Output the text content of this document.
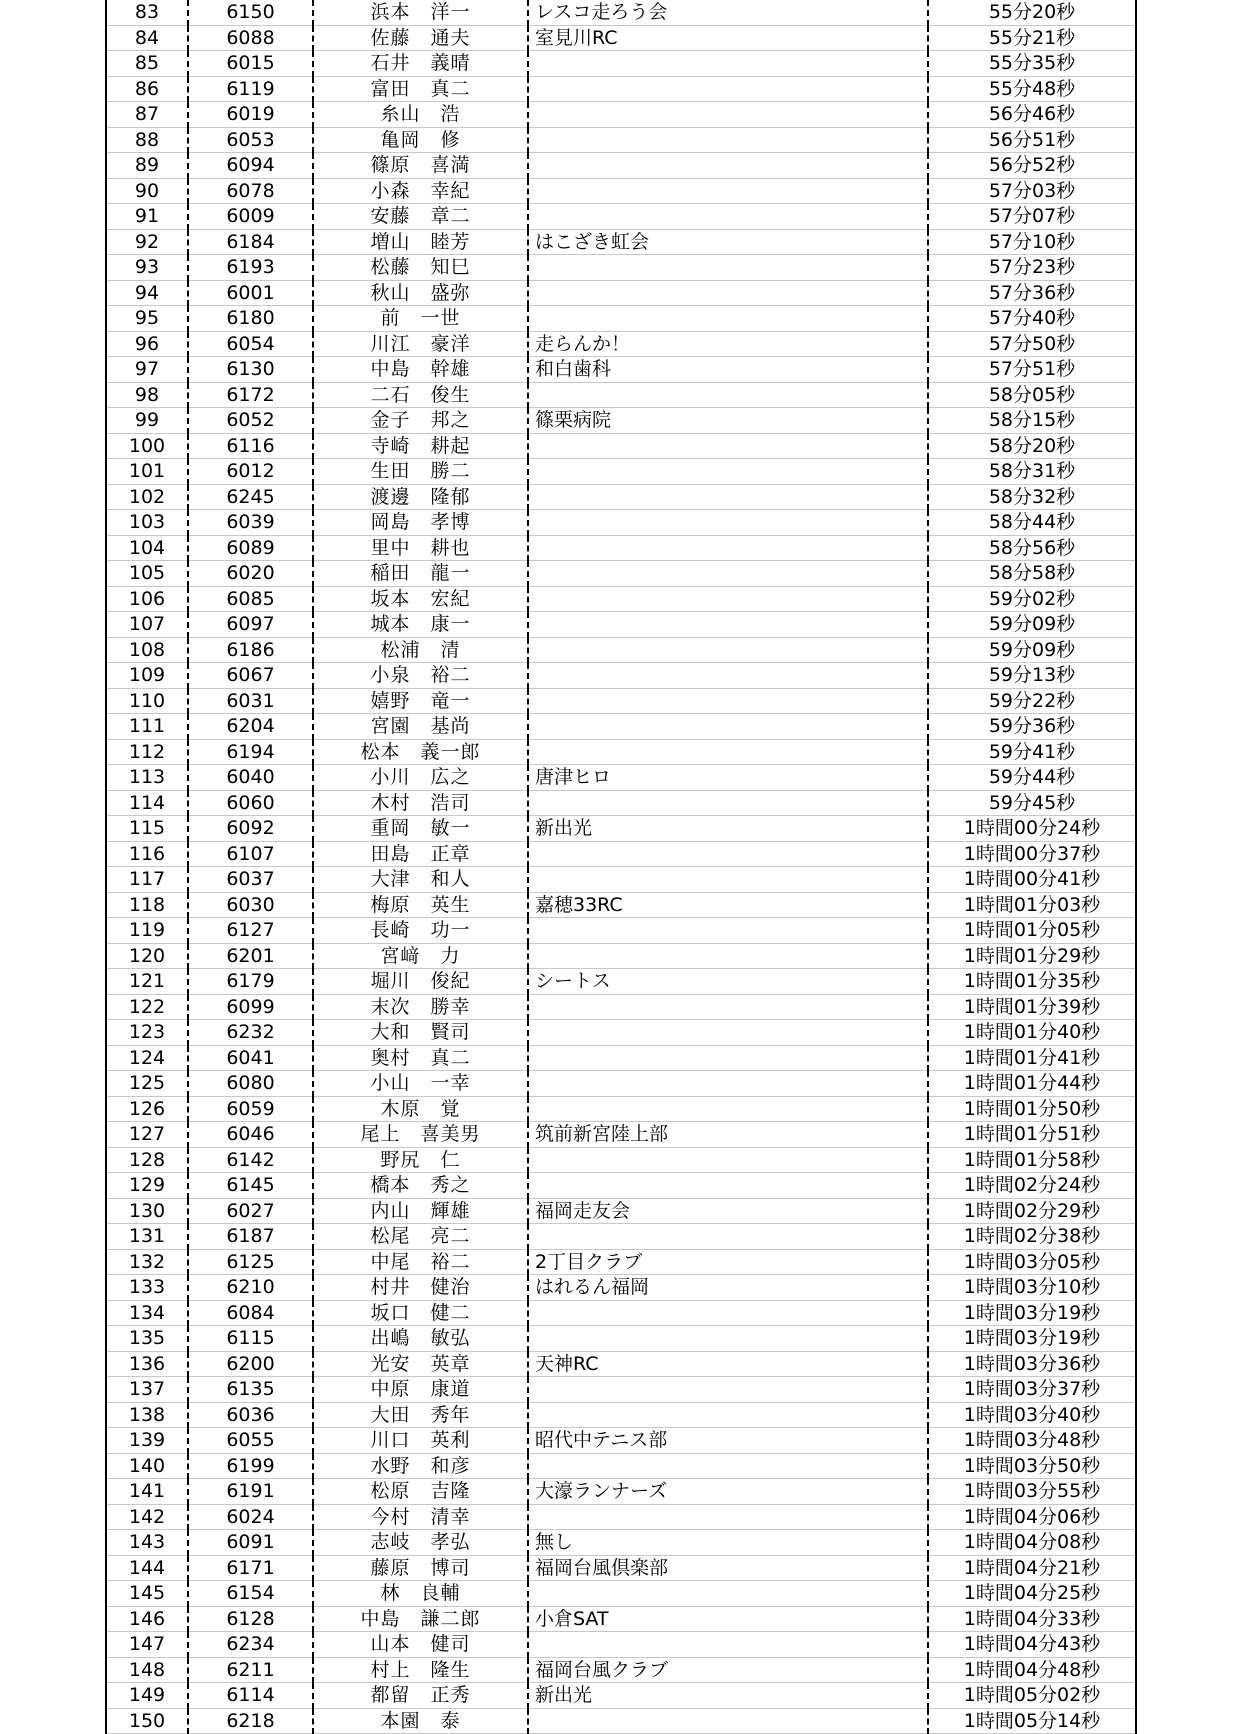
83	6150	浜本　洋一	レスコ走ろう会	55分20秒
84	6088	佐藤　通夫	室見川RC	55分21秒
85	6015	石井　義晴		55分35秒
86	6119	富田　真二		55分48秒
87	6019	糸山　浩		56分46秒
88	6053	亀岡　修		56分51秒
89	6094	篠原　喜満		56分52秒
90	6078	小森　幸紀		57分03秒
91	6009	安藤　章二		57分07秒
92	6184	増山　睦芳	はこざき虹会	57分10秒
93	6193	松藤　知巳		57分23秒
94	6001	秋山　盛弥		57分36秒
95	6180	前　一世		57分40秒
96	6054	川江　豪洋	走らんか！	57分50秒
97	6130	中島　幹雄	和白歯科	57分51秒
98	6172	二石　俊生		58分05秒
99	6052	金子　邦之	篠栗病院	58分15秒
100	6116	寺崎　耕起		58分20秒
101	6012	生田　勝二		58分31秒
102	6245	渡邊　隆郁		58分32秒
103	6039	岡島　孝博		58分44秒
104	6089	里中　耕也		58分56秒
105	6020	稲田　龍一		58分58秒
106	6085	坂本　宏紀		59分02秒
107	6097	城本　康一		59分09秒
108	6186	松浦　清		59分09秒
109	6067	小泉　裕二		59分13秒
110	6031	嬉野　竜一		59分22秒
111	6204	宮園　基尚		59分36秒
112	6194	松本　義一郎		59分41秒
113	6040	小川　広之	唐津ヒロ	59分44秒
114	6060	木村　浩司		59分45秒
115	6092	重岡　敏一	新出光	1時間00分24秒
116	6107	田島　正章		1時間00分37秒
117	6037	大津　和人		1時間00分41秒
118	6030	梅原　英生	嘉穂33RC	1時間01分03秒
119	6127	長崎　功一		1時間01分05秒
120	6201	宮﨑　力		1時間01分29秒
121	6179	堀川　俊紀	シートス	1時間01分35秒
122	6099	末次　勝幸		1時間01分39秒
123	6232	大和　賢司		1時間01分40秒
124	6041	奥村　真二		1時間01分41秒
125	6080	小山　一幸		1時間01分44秒
126	6059	木原　覚		1時間01分50秒
127	6046	尾上　喜美男	筑前新宮陸上部	1時間01分51秒
128	6142	野尻　仁		1時間01分58秒
129	6145	橋本　秀之		1時間02分24秒
130	6027	内山　輝雄	福岡走友会	1時間02分29秒
131	6187	松尾　亮二		1時間02分38秒
132	6125	中尾　裕二	2丁目クラブ	1時間03分05秒
133	6210	村井　健治	はれるん福岡	1時間03分10秒
134	6084	坂口　健二		1時間03分19秒
135	6115	出嶋　敏弘		1時間03分19秒
136	6200	光安　英章	天神RC	1時間03分36秒
137	6135	中原　康道		1時間03分37秒
138	6036	大田　秀年		1時間03分40秒
139	6055	川口　英利	昭代中テニス部	1時間03分48秒
140	6199	水野　和彦		1時間03分50秒
141	6191	松原　吉隆	大濠ランナーズ	1時間03分55秒
142	6024	今村　清幸		1時間04分06秒
143	6091	志岐　孝弘	無し	1時間04分08秒
144	6171	藤原　博司	福岡台風倶楽部	1時間04分21秒
145	6154	林　良輔		1時間04分25秒
146	6128	中島　謙二郎	小倉SAT	1時間04分33秒
147	6234	山本　健司		1時間04分43秒
148	6211	村上　隆生	福岡台風クラブ	1時間04分48秒
149	6114	都留　正秀	新出光	1時間05分02秒
150	6218	本園　泰		1時間05分14秒
